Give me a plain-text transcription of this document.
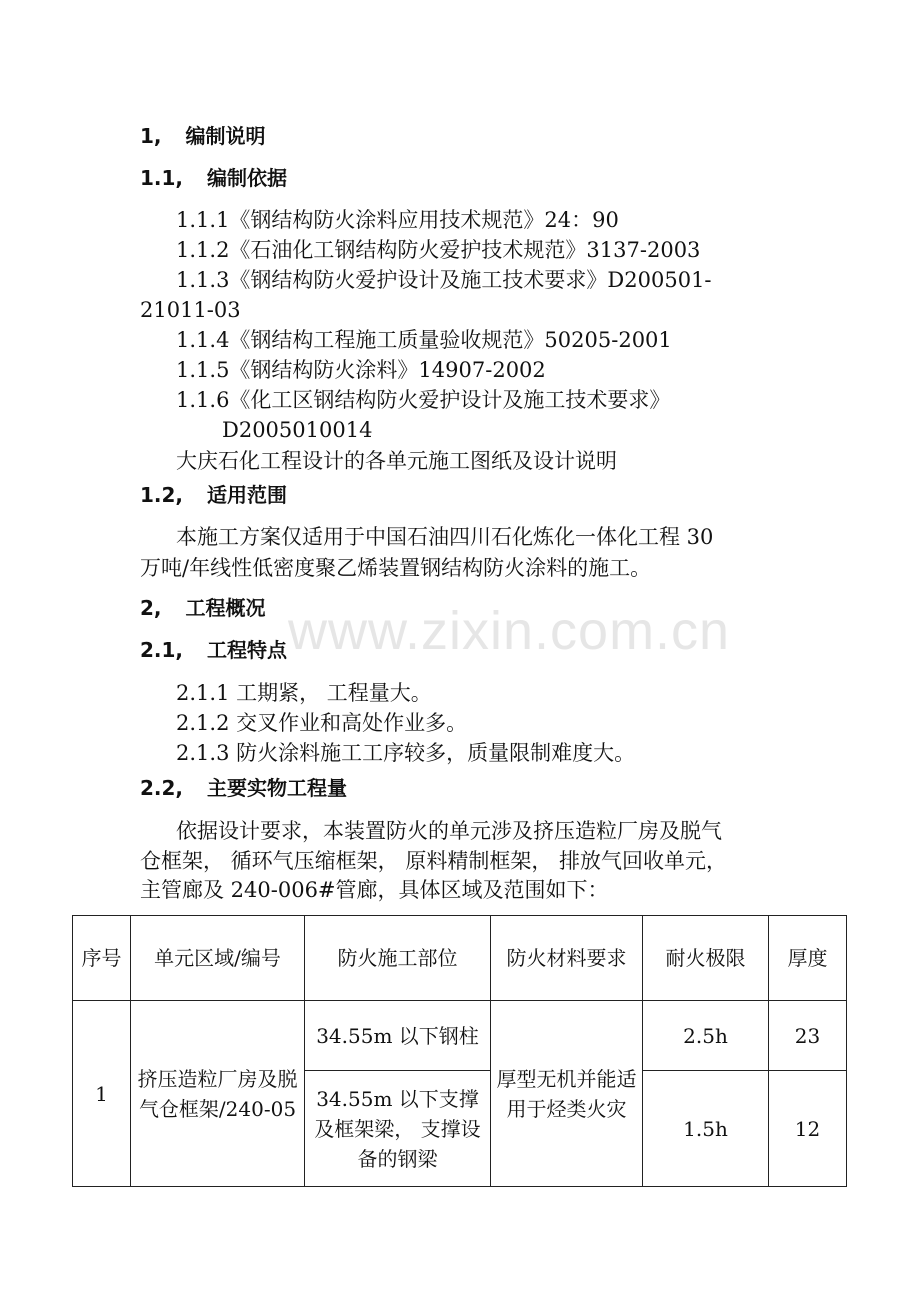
www.zixin.com.cn
1, 编制说明
1.1, 编制依据
1.1.1《钢结构防火涂料应用技术规范》24：90
1.1.2《石油化工钢结构防火爱护技术规范》3137-2003
1.1.3《钢结构防火爱护设计及施工技术要求》D200501-
21011-03
1.1.4《钢结构工程施工质量验收规范》50205-2001
1.1.5《钢结构防火涂料》14907-2002
1.1.6《化工区钢结构防火爱护设计及施工技术要求》
D2005010014
大庆石化工程设计的各单元施工图纸及设计说明
1.2, 适用范围
本施工方案仅适用于中国石油四川石化炼化一体化工程 30
万吨/年线性低密度聚乙烯装置钢结构防火涂料的施工。
2, 工程概况
2.1, 工程特点
2.1.1 工期紧， 工程量大。
2.1.2 交叉作业和高处作业多。
2.1.3 防火涂料施工工序较多，质量限制难度大。
2.2, 主要实物工程量
依据设计要求，本装置防火的单元涉及挤压造粒厂房及脱气
仓框架， 循环气压缩框架， 原料精制框架， 排放气回收单元，
主管廊及 240-006#管廊，具体区域及范围如下：
序号	单元区域/编号	防火施工部位	防火材料要求	耐火极限	厚度
1	挤压造粒厂房及脱气仓框架/240-05	34.55m 以下钢柱	厚型无机并能适用于烃类火灾	2.5h	23
		34.55m 以下支撑及框架梁， 支撑设备的钢梁		1.5h	12
